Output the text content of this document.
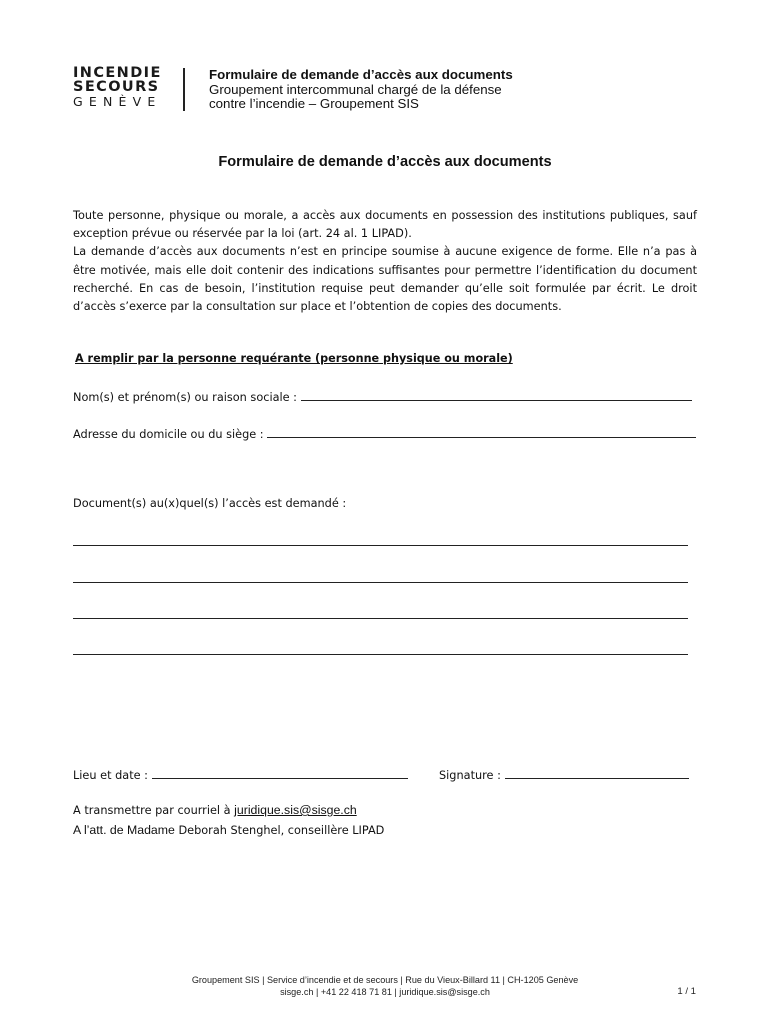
INCENDIE
SECOURS
GENÈVE
Formulaire de demande d’accès aux documents
Groupement intercommunal chargé de la défense
contre l’incendie – Groupement SIS
Formulaire de demande d’accès aux documents

Toute personne, physique ou morale, a accès aux documents en possession des institutions publiques, sauf exception prévue ou réservée par la loi (art. 24 al. 1 LIPAD).

La demande d’accès aux documents n’est en principe soumise à aucune exigence de forme. Elle n’a pas à être motivée, mais elle doit contenir des indications suffisantes pour permettre l’identification du document recherché. En cas de besoin, l’institution requise peut demander qu’elle soit formulée par écrit. Le droit d’accès s’exerce par la consultation sur place et l’obtention de copies des documents.

A remplir par la personne requérante (personne physique ou morale)
Nom(s) et prénom(s) ou raison sociale :
Adresse du domicile ou du siège :
Document(s) au(x)quel(s) l’accès est demandé :
Lieu et date :	Signature :
A transmettre par courriel à juridique.sis@sisge.ch
A l’att. de Madame Deborah Stenghel, conseillère LIPAD
Groupement SIS | Service d’incendie et de secours | Rue du Vieux-Billard 11 | CH-1205 Genève
sisge.ch | +41 22 418 71 81 | juridique.sis@sisge.ch	1 / 1
